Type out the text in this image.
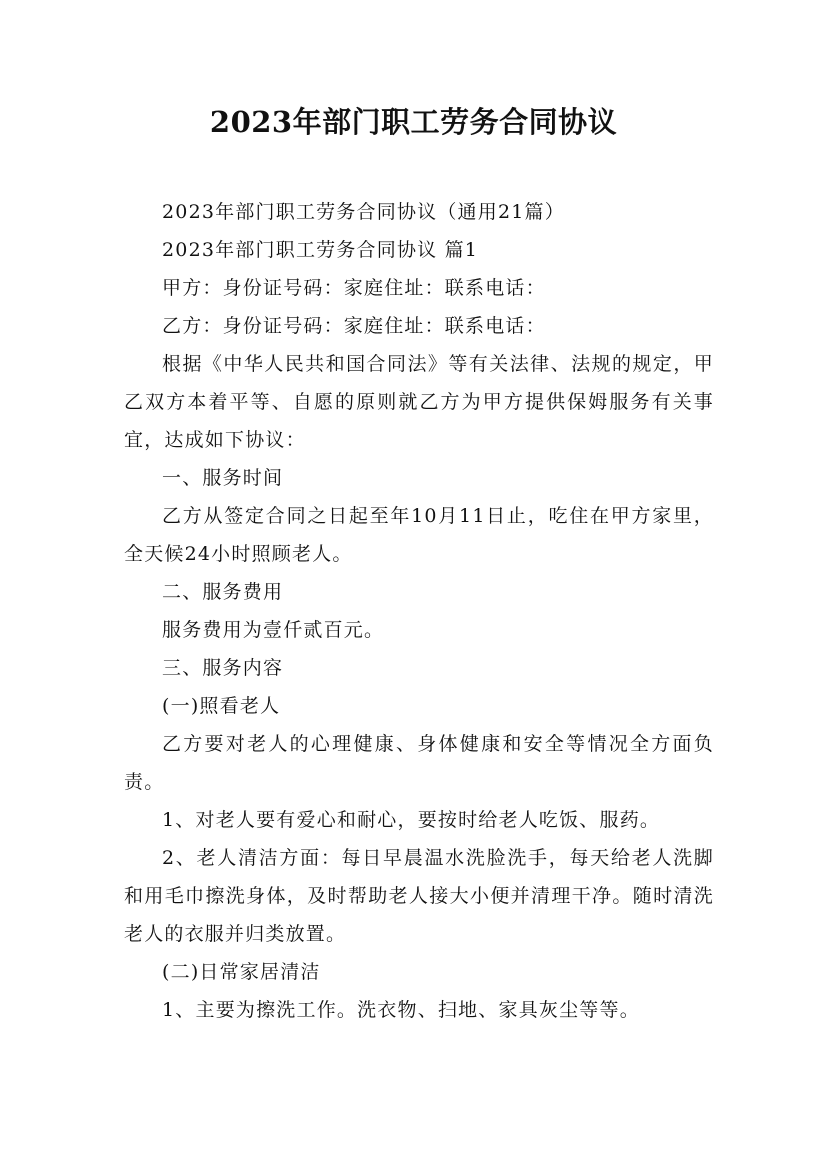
2023年部门职工劳务合同协议

2023年部门职工劳务合同协议（通用21篇）

2023年部门职工劳务合同协议 篇1

甲方：身份证号码：家庭住址：联系电话：

乙方：身份证号码：家庭住址：联系电话：

根据《中华人民共和国合同法》等有关法律、法规的规定，甲乙双方本着平等、自愿的原则就乙方为甲方提供保姆服务有关事宜，达成如下协议：

一、服务时间

乙方从签定合同之日起至年10月11日止，吃住在甲方家里，全天候24小时照顾老人。

二、服务费用

服务费用为壹仟贰百元。

三、服务内容

(一)照看老人

乙方要对老人的心理健康、身体健康和安全等情况全方面负责。

1、对老人要有爱心和耐心，要按时给老人吃饭、服药。

2、老人清洁方面：每日早晨温水洗脸洗手，每天给老人洗脚和用毛巾擦洗身体，及时帮助老人接大小便并清理干净。随时清洗老人的衣服并归类放置。

(二)日常家居清洁

1、主要为擦洗工作。洗衣物、扫地、家具灰尘等等。
